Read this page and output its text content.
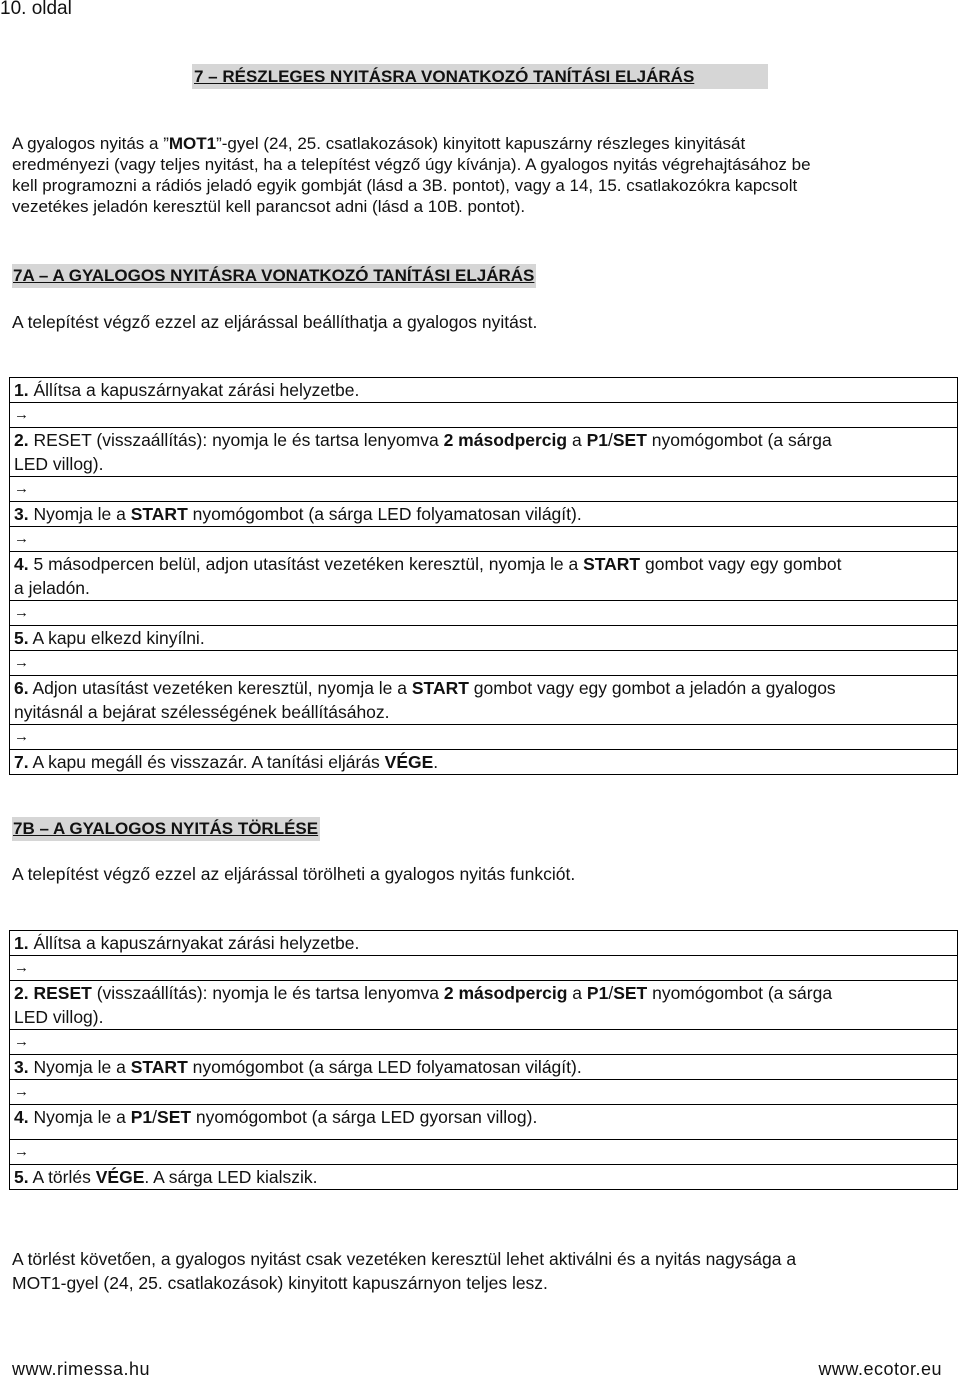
10. oldal
7 – RÉSZLEGES NYITÁSRA VONATKOZÓ TANÍTÁSI ELJÁRÁS
A gyalogos nyitás a ”MOT1”-gyel (24, 25. csatlakozások) kinyitott kapuszárny részleges kinyitását
eredményezi (vagy teljes nyitást, ha a telepítést végző úgy kívánja). A gyalogos nyitás végrehajtásához be
kell programozni a rádiós jeladó egyik gombját (lásd a 3B. pontot), vagy a 14, 15. csatlakozókra kapcsolt
vezetékes jeladón keresztül kell parancsot adni (lásd a 10B. pontot).
7A – A GYALOGOS NYITÁSRA VONATKOZÓ TANÍTÁSI ELJÁRÁS
A telepítést végző ezzel az eljárással beállíthatja a gyalogos nyitást.
1. Állítsa a kapuszárnyakat zárási helyzetbe.
→
2. RESET (visszaállítás): nyomja le és tartsa lenyomva 2 másodpercig a P1/SET nyomógombot (a sárga
LED villog).
→
3. Nyomja le a START nyomógombot (a sárga LED folyamatosan világít).
→
4. 5 másodpercen belül, adjon utasítást vezetéken keresztül, nyomja le a START gombot vagy egy gombot
a jeladón.
→
5. A kapu elkezd kinyílni.
→
6. Adjon utasítást vezetéken keresztül, nyomja le a START gombot vagy egy gombot a jeladón a gyalogos
nyitásnál a bejárat szélességének beállításához.
→
7. A kapu megáll és visszazár. A tanítási eljárás VÉGE.
7B – A GYALOGOS NYITÁS TÖRLÉSE
A telepítést végző ezzel az eljárással törölheti a gyalogos nyitás funkciót.
1. Állítsa a kapuszárnyakat zárási helyzetbe.
→
2. RESET (visszaállítás): nyomja le és tartsa lenyomva 2 másodpercig a P1/SET nyomógombot (a sárga
LED villog).
→
3. Nyomja le a START nyomógombot (a sárga LED folyamatosan világít).
→
4. Nyomja le a P1/SET nyomógombot (a sárga LED gyorsan villog).
→
5. A törlés VÉGE. A sárga LED kialszik.
A törlést követően, a gyalogos nyitást csak vezetéken keresztül lehet aktiválni és a nyitás nagysága a
MOT1-gyel (24, 25. csatlakozások) kinyitott kapuszárnyon teljes lesz.
www.rimessa.hu	www.ecotor.eu
